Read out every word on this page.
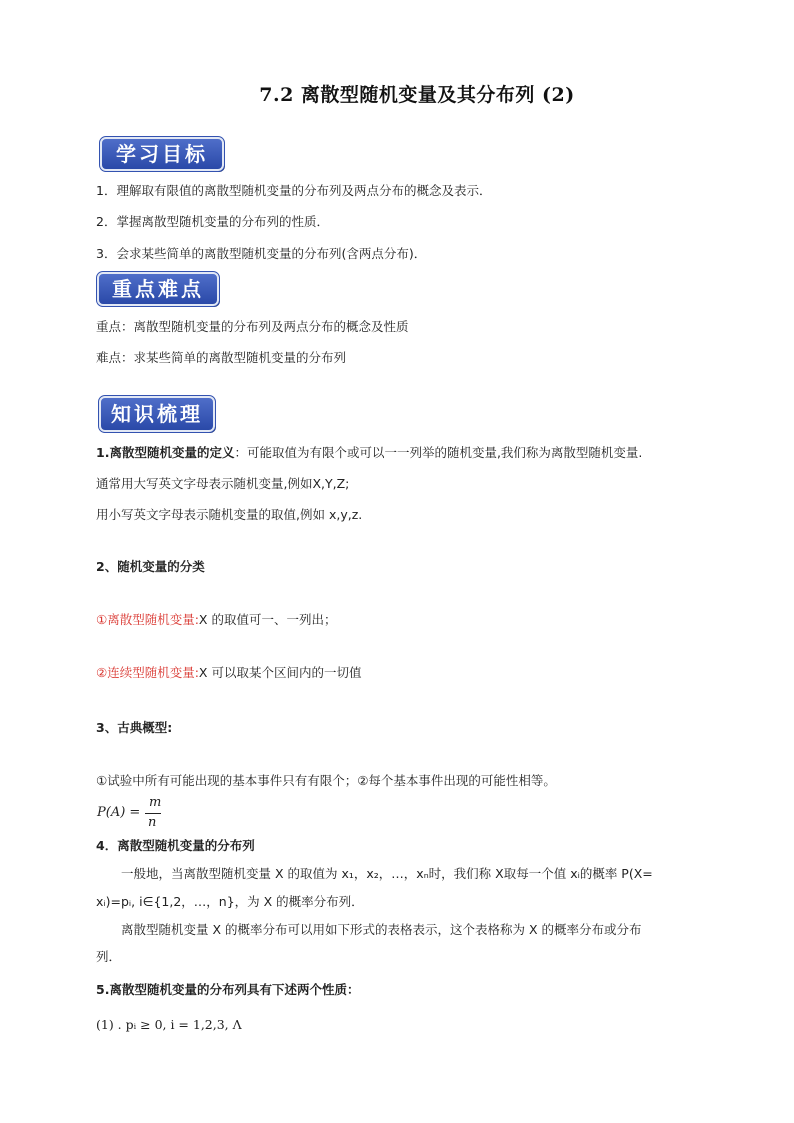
7.2 离散型随机变量及其分布列 (2)
学习目标
1．理解取有限值的离散型随机变量的分布列及两点分布的概念及表示．
2．掌握离散型随机变量的分布列的性质．
3．会求某些简单的离散型随机变量的分布列(含两点分布)．
重点难点
重点：离散型随机变量的分布列及两点分布的概念及性质
难点：求某些简单的离散型随机变量的分布列
知识梳理
1.离散型随机变量的定义：可能取值为有限个或可以一一列举的随机变量,我们称为离散型随机变量.
通常用大写英文字母表示随机变量,例如X,Y,Z;
用小写英文字母表示随机变量的取值,例如 x,y,z.
2、随机变量的分类
①离散型随机变量:X 的取值可一、一列出；
②连续型随机变量:X 可以取某个区间内的一切值
3、古典概型:
①试验中所有可能出现的基本事件只有有限个；②每个基本事件出现的可能性相等。
P(A) =
m
n
4．离散型随机变量的分布列
一般地，当离散型随机变量 X 的取值为 x₁，x₂，…，xₙ时，我们称 X取每一个值 xᵢ的概率 P(X=
xᵢ)=pᵢ, i∈{1,2，…，n}，为 X 的概率分布列．
离散型随机变量 X 的概率分布可以用如下形式的表格表示，这个表格称为 X 的概率分布或分布
列．
5.离散型随机变量的分布列具有下述两个性质：
(1) . pᵢ ≥ 0, i = 1,2,3, Λ
